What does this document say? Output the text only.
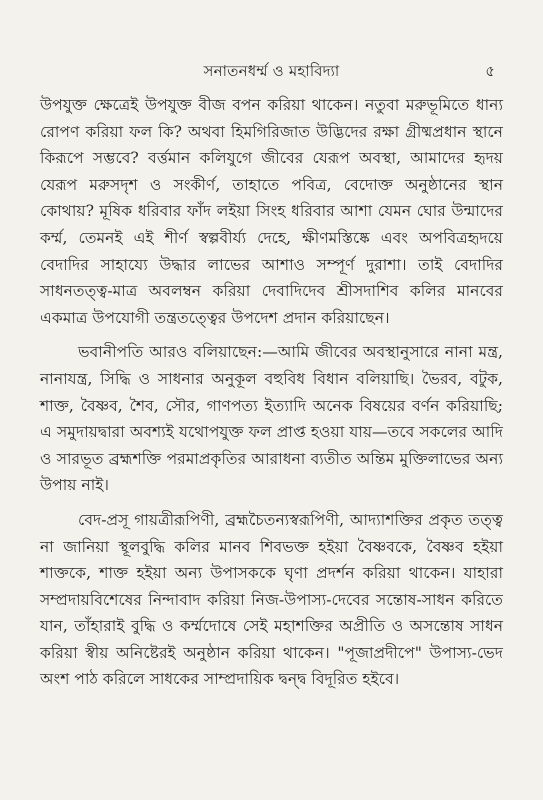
সনাতনধর্ম্ম ও মহাবিদ্যা	৫

উপযুক্ত ক্ষেত্রেই উপযুক্ত বীজ বপন করিয়া থাকেন। নতুবা মরুভূমিতে ধান্য রোপণ করিয়া ফল কি? অথবা হিমগিরিজাত উদ্ভিদের রক্ষা গ্রীষ্মপ্রধান স্থানে কিরূপে সম্ভবে? বর্ত্তমান কলিযুগে জীবের যেরূপ অবস্থা, আমাদের হৃদয় যেরূপ মরুসদৃশ ও সংকীর্ণ, তাহাতে পবিত্র, বেদোক্ত অনুষ্ঠানের স্থান কোথায়? মূষিক ধরিবার ফাঁদ লইয়া সিংহ ধরিবার আশা যেমন ঘোর উন্মাদের কর্ম্ম, তেমনই এই শীর্ণ স্বল্পবীর্য্য দেহে, ক্ষীণমস্তিষ্কে এবং অপবিত্রহৃদয়ে বেদাদির সাহায্যে উদ্ধার লাভের আশাও সম্পূর্ণ দুরাশা। তাই বেদাদির সাধনতত্ত্ব-মাত্র অবলম্বন করিয়া দেবাদিদেব শ্রীসদাশিব কলির মানবের একমাত্র উপযোগী তন্ত্রতত্ত্বের উপদেশ প্রদান করিয়াছেন।

ভবানীপতি আরও বলিয়াছেন:—আমি জীবের অবস্থানুসারে নানা মন্ত্র, নানাযন্ত্র, সিদ্ধি ও সাধনার অনুকূল বহুবিধ বিধান বলিয়াছি। ভৈরব, বটুক, শাক্ত, বৈষ্ণব, শৈব, সৌর, গাণপত্য ইত্যাদি অনেক বিষয়ের বর্ণন করিয়াছি; এ সমুদায়দ্বারা অবশ্যই যথোপযুক্ত ফল প্রাপ্ত হওয়া যায়—তবে সকলের আদি ও সারভূত ব্রহ্মশক্তি পরমাপ্রকৃতির আরাধনা ব্যতীত অন্তিম মুক্তিলাভের অন্য উপায় নাই।

বেদ-প্রসূ গায়ত্রীরূপিণী, ব্রহ্মচৈতন্যস্বরূপিণী, আদ্যাশক্তির প্রকৃত তত্ত্ব না জানিয়া স্থূলবুদ্ধি কলির মানব শিবভক্ত হইয়া বৈষ্ণবকে, বৈষ্ণব হইয়া শাক্তকে, শাক্ত হইয়া অন্য উপাসককে ঘৃণা প্রদর্শন করিয়া থাকেন। যাহারা সম্প্রদায়বিশেষের নিন্দাবাদ করিয়া নিজ-উপাস্য-দেবের সন্তোষ-সাধন করিতে যান, তাঁহারাই বুদ্ধি ও কর্ম্মদোষে সেই মহাশক্তির অপ্রীতি ও অসন্তোষ সাধন করিয়া স্বীয় অনিষ্টেরই অনুষ্ঠান করিয়া থাকেন। "পূজাপ্রদীপে" উপাস্য-ভেদ অংশ পাঠ করিলে সাধকের সাম্প্রদায়িক দ্বন্দ্ব বিদূরিত হইবে।
